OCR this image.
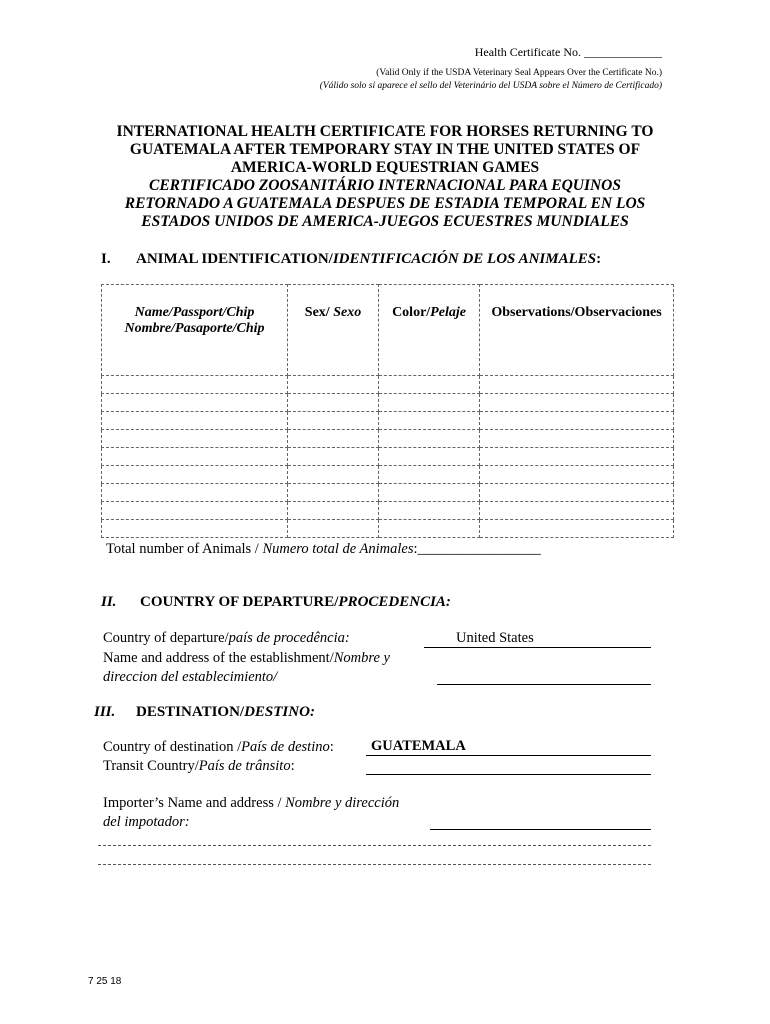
Health Certificate No. _____________
(Valid Only if the USDA Veterinary Seal Appears Over the Certificate No.)
(Válido solo si aparece el sello del Veterinário del USDA sobre el Número de Certificado)
INTERNATIONAL HEALTH CERTIFICATE FOR HORSES RETURNING TO
GUATEMALA AFTER TEMPORARY STAY IN THE UNITED STATES OF
AMERICA-WORLD EQUESTRIAN GAMES
CERTIFICADO ZOOSANITÁRIO INTERNACIONAL PARA EQUINOS
RETORNADO A GUATEMALA DESPUES DE ESTADIA TEMPORAL EN LOS
ESTADOS UNIDOS DE AMERICA-JUEGOS ECUESTRES MUNDIALES
I. ANIMAL IDENTIFICATION/IDENTIFICACIÓN DE LOS ANIMALES:
Name/Passport/Chip
Nombre/Pasaporte/Chip	Sex/ Sexo	Color/Pelaje	Observations/Observaciones

Total number of Animals / Numero total de Animales:_________________
II. COUNTRY OF DEPARTURE/PROCEDENCIA:
Country of departure/país de procedência:	United States
Name and address of the establishment/Nombre y
direccion del establecimiento/
III. DESTINATION/DESTINO:
Country of destination /País de destino:	GUATEMALA
Transit Country/País de trânsito:
Importer’s Name and address / Nombre y dirección
del impotador:
7 25 18
